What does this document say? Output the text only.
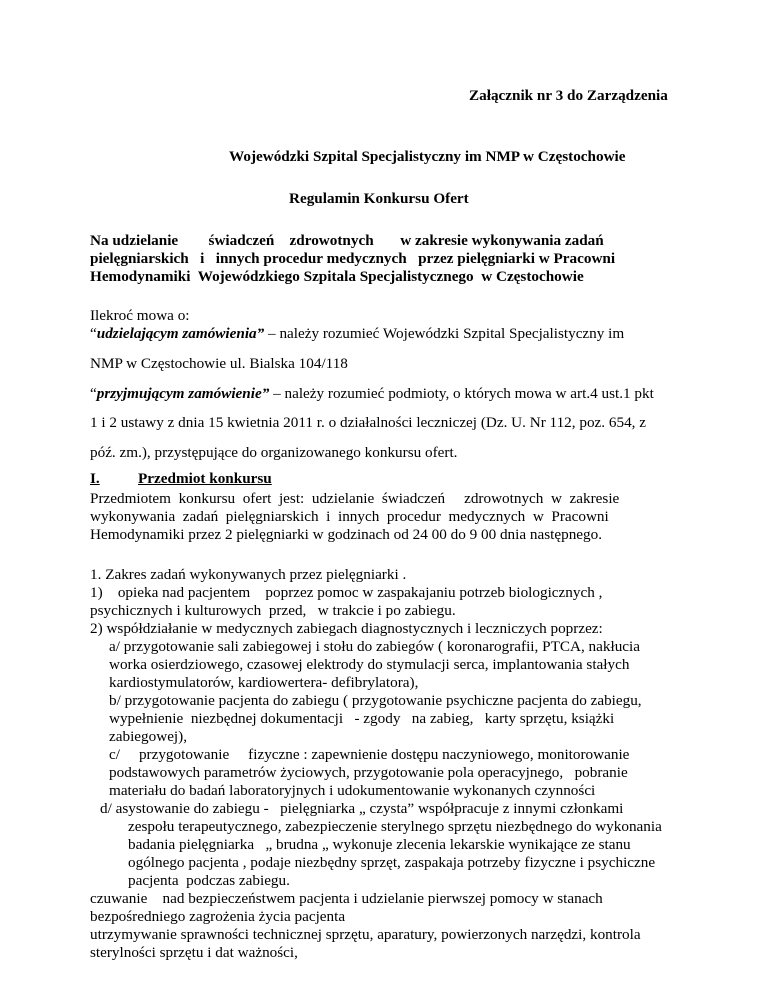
Załącznik nr 3 do Zarządzenia
Wojewódzki Szpital Specjalistyczny im NMP w Częstochowie
Regulamin Konkursu Ofert
Na udzielanie        świadczeń    zdrowotnych       w zakresie wykonywania zadań
pielęgniarskich   i   innych procedur medycznych   przez pielęgniarki w Pracowni
Hemodynamiki  Wojewódzkiego Szpitala Specjalistycznego  w Częstochowie
Ilekroć mowa o:
“udzielającym zamówienia” – należy rozumieć Wojewódzki Szpital Specjalistyczny im
NMP w Częstochowie ul. Bialska 104/118
“przyjmującym zamówienie” – należy rozumieć podmioty, o których mowa w art.4 ust.1 pkt
1 i 2 ustawy z dnia 15 kwietnia 2011 r. o działalności leczniczej (Dz. U. Nr 112, poz. 654, z
póź. zm.), przystępujące do organizowanego konkursu ofert.
I.	Przedmiot konkursu
Przedmiotem  konkursu  ofert  jest:  udzielanie  świadczeń     zdrowotnych  w  zakresie
wykonywania  zadań  pielęgniarskich  i  innych  procedur  medycznych  w  Pracowni
Hemodynamiki przez 2 pielęgniarki w godzinach od 24 00 do 9 00 dnia następnego.
1. Zakres zadań wykonywanych przez pielęgniarki .
1)    opieka nad pacjentem    poprzez pomoc w zaspakajaniu potrzeb biologicznych ,
psychicznych i kulturowych  przed,   w trakcie i po zabiegu.
2) współdziałanie w medycznych zabiegach diagnostycznych i leczniczych poprzez:
a/ przygotowanie sali zabiegowej i stołu do zabiegów ( koronarografii, PTCA, nakłucia
worka osierdziowego, czasowej elektrody do stymulacji serca, implantowania stałych
kardiostymulatorów, kardiowertera- defibrylatora),
b/ przygotowanie pacjenta do zabiegu ( przygotowanie psychiczne pacjenta do zabiegu,
wypełnienie  niezbędnej dokumentacji   - zgody   na zabieg,   karty sprzętu, książki
zabiegowej),
c/     przygotowanie     fizyczne : zapewnienie dostępu naczyniowego, monitorowanie
podstawowych parametrów życiowych, przygotowanie pola operacyjnego,   pobranie
materiału do badań laboratoryjnych i udokumentowanie wykonanych czynności
d/ asystowanie do zabiegu -   pielęgniarka „ czysta” współpracuje z innymi członkami
zespołu terapeutycznego, zabezpieczenie sterylnego sprzętu niezbędnego do wykonania
badania pielęgniarka   „ brudna „ wykonuje zlecenia lekarskie wynikające ze stanu
ogólnego pacjenta , podaje niezbędny sprzęt, zaspakaja potrzeby fizyczne i psychiczne
pacjenta  podczas zabiegu.
czuwanie    nad bezpieczeństwem pacjenta i udzielanie pierwszej pomocy w stanach
bezpośredniego zagrożenia życia pacjenta
utrzymywanie sprawności technicznej sprzętu, aparatury, powierzonych narzędzi, kontrola
sterylności sprzętu i dat ważności,
